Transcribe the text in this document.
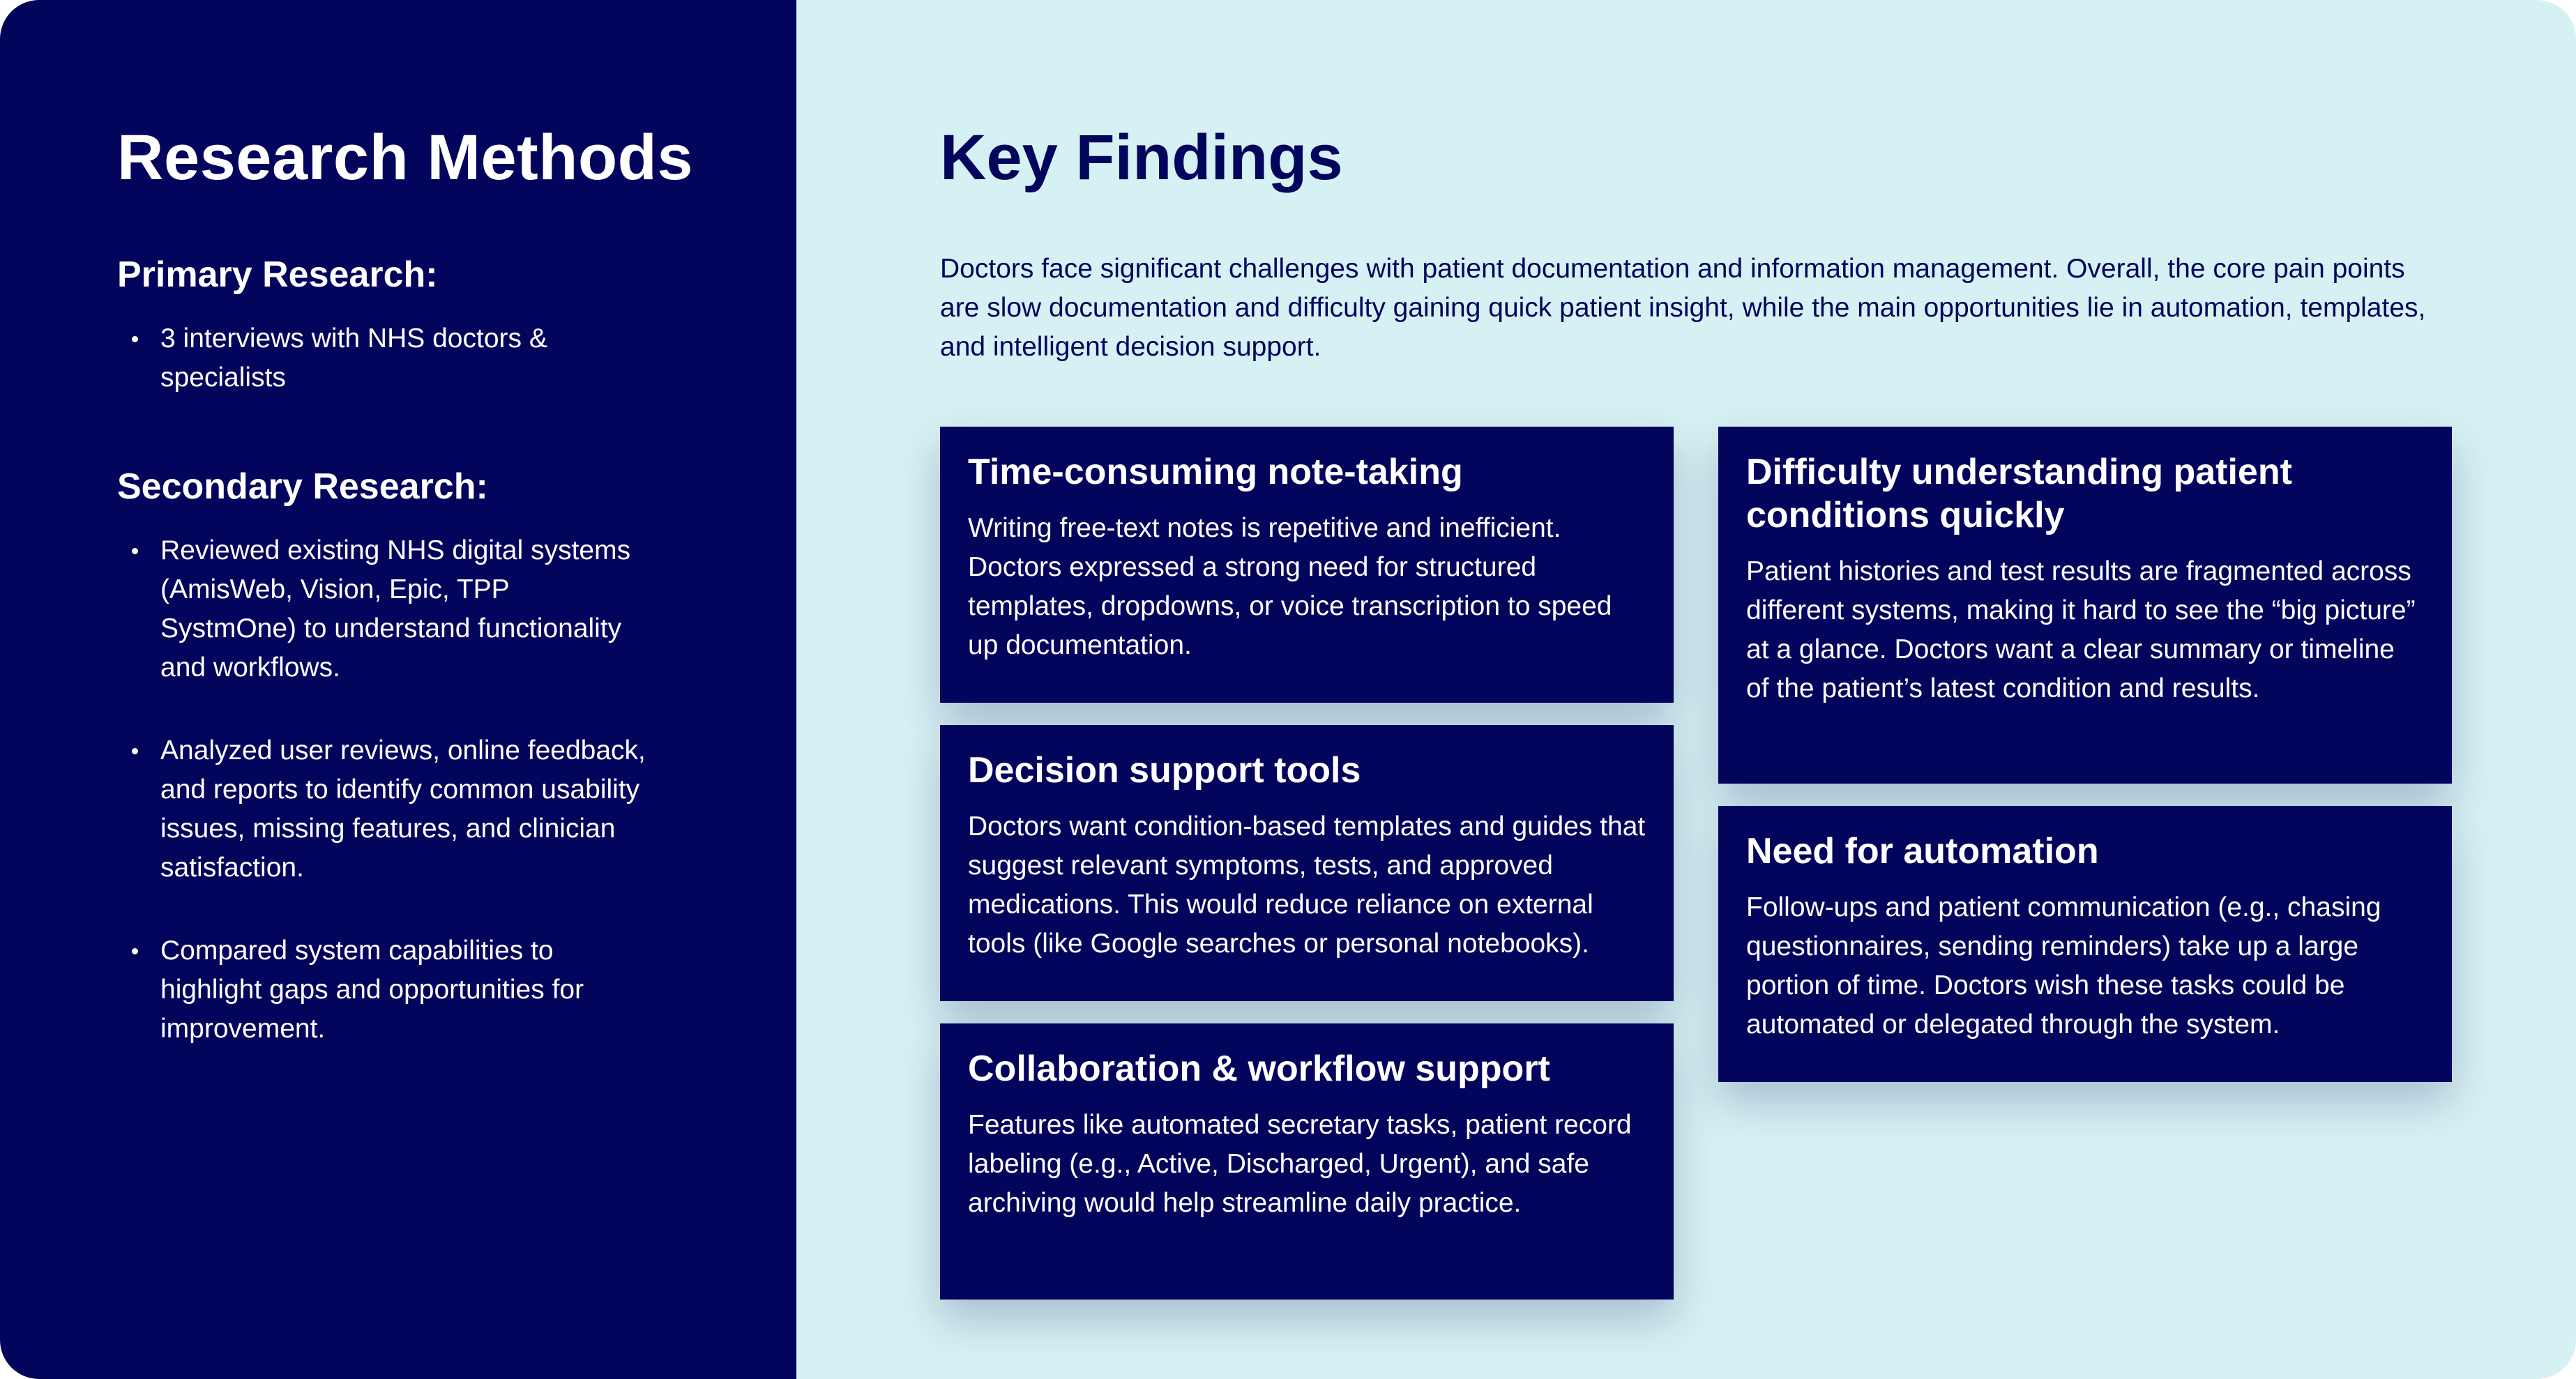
Research Methods
Primary Research:
3 interviews with NHS doctors & specialists
Secondary Research:
Reviewed existing NHS digital systems (AmisWeb, Vision, Epic, TPP SystmOne) to understand functionality and workflows.
Analyzed user reviews, online feedback, and reports to identify common usability issues, missing features, and clinician satisfaction.
Compared system capabilities to highlight gaps and opportunities for improvement.
Key Findings

Doctors face significant challenges with patient documentation and information management. Overall, the core pain points are slow documentation and difficulty gaining quick patient insight, while the main opportunities lie in automation, templates, and intelligent decision support.

Time-consuming note-taking

Writing free-text notes is repetitive and inefficient. Doctors expressed a strong need for structured templates, dropdowns, or voice transcription to speed up documentation.

Decision support tools

Doctors want condition-based templates and guides that suggest relevant symptoms, tests, and approved medications. This would reduce reliance on external tools (like Google searches or personal notebooks).

Collaboration & workflow support

Features like automated secretary tasks, patient record labeling (e.g., Active, Discharged, Urgent), and safe archiving would help streamline daily practice.

Difficulty understanding patient conditions quickly

Patient histories and test results are fragmented across different systems, making it hard to see the “big picture” at a glance. Doctors want a clear summary or timeline of the patient’s latest condition and results.

Need for automation

Follow-ups and patient communication (e.g., chasing questionnaires, sending reminders) take up a large portion of time. Doctors wish these tasks could be automated or delegated through the system.
